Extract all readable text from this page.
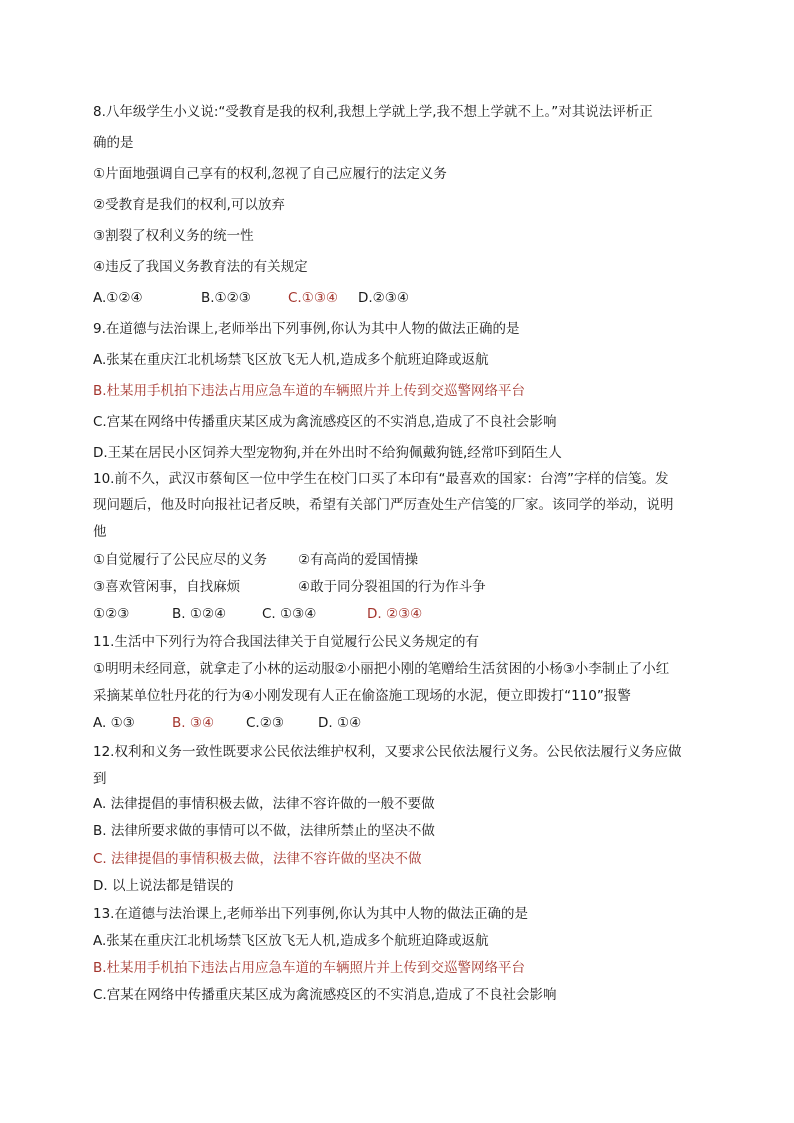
8.八年级学生小义说:“受教育是我的权利,我想上学就上学,我不想上学就不上。”对其说法评析正
确的是
①片面地强调自己享有的权利,忽视了自己应履行的法定义务
②受教育是我们的权利,可以放弃
③割裂了权利义务的统一性
④违反了我国义务教育法的有关规定
A.①②④	B.①②③	C.①③④ D.②③④
9.在道德与法治课上,老师举出下列事例,你认为其中人物的做法正确的是
A.张某在重庆江北机场禁飞区放飞无人机,造成多个航班迫降或返航
B.杜某用手机拍下违法占用应急车道的车辆照片并上传到交巡警网络平台
C.宫某在网络中传播重庆某区成为禽流感疫区的不实消息,造成了不良社会影响
D.王某在居民小区饲养大型宠物狗,并在外出时不给狗佩戴狗链,经常吓到陌生人
10.前不久，武汉市蔡甸区一位中学生在校门口买了本印有“最喜欢的国家：台湾”字样的信笺。发
现问题后，他及时向报社记者反映，希望有关部门严厉查处生产信笺的厂家。该同学的举动，说明
他
①自觉履行了公民应尽的义务 ②有高尚的爱国情操
③喜欢管闲事，自找麻烦	④敢于同分裂祖国的行为作斗争
①②③	B. ①②④	C. ①③④	D. ②③④
11.生活中下列行为符合我国法律关于自觉履行公民义务规定的有
①明明未经同意，就拿走了小林的运动服②小丽把小刚的笔赠给生活贫困的小杨③小李制止了小红
采摘某单位牡丹花的行为④小刚发现有人正在偷盗施工现场的水泥，便立即拨打“110”报警
A. ①③	B. ③④ C.②③	D. ①④
12.权利和义务一致性既要求公民依法维护权利，又要求公民依法履行义务。公民依法履行义务应做
到
A. 法律提倡的事情积极去做，法律不容许做的一般不要做
B. 法律所要求做的事情可以不做，法律所禁止的坚决不做
C. 法律提倡的事情积极去做，法律不容许做的坚决不做
D. 以上说法都是错误的
13.在道德与法治课上,老师举出下列事例,你认为其中人物的做法正确的是
A.张某在重庆江北机场禁飞区放飞无人机,造成多个航班迫降或返航
B.杜某用手机拍下违法占用应急车道的车辆照片并上传到交巡警网络平台
C.宫某在网络中传播重庆某区成为禽流感疫区的不实消息,造成了不良社会影响
